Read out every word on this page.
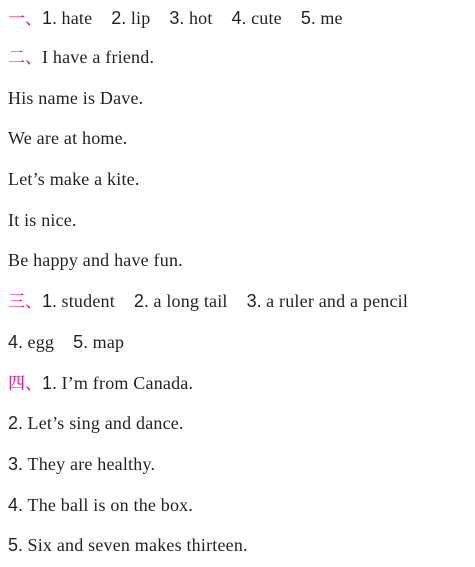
一、1. hate 2. lip 3. hot 4. cute 5. me
二、I have a friend.
His name is Dave.
We are at home.
Let’s make a kite.
It is nice.
Be happy and have fun.
三、1. student 2. a long tail 3. a ruler and a pencil
4. egg 5. map
四、1. I’m from Canada.
2. Let’s sing and dance.
3. They are healthy.
4. The ball is on the box.
5. Six and seven makes thirteen.
